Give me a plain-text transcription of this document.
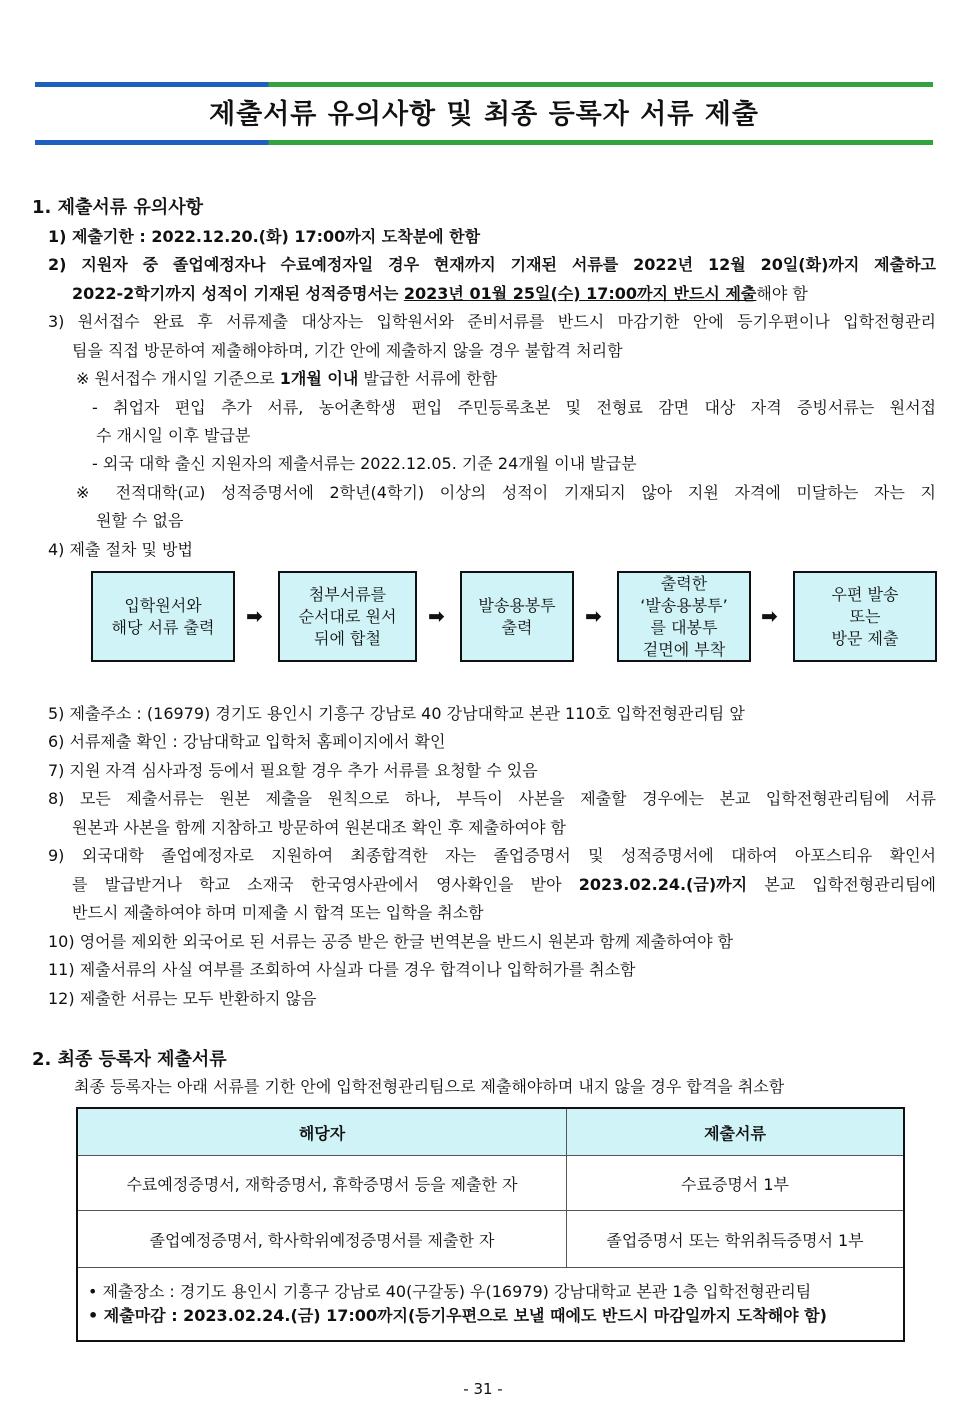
제출서류 유의사항 및 최종 등록자 서류 제출
1. 제출서류 유의사항
1) 제출기한 : 2022.12.20.(화) 17:00까지 도착분에 한함
2) 지원자 중 졸업예정자나 수료예정자일 경우 현재까지 기재된 서류를 2022년 12월 20일(화)까지 제출하고
2022-2학기까지 성적이 기재된 성적증명서는 2023년 01월 25일(수) 17:00까지 반드시 제출해야 함
3) 원서접수 완료 후 서류제출 대상자는 입학원서와 준비서류를 반드시 마감기한 안에 등기우편이나 입학전형관리
팀을 직접 방문하여 제출해야하며, 기간 안에 제출하지 않을 경우 불합격 처리함
※ 원서접수 개시일 기준으로 1개월 이내 발급한 서류에 한함
- 취업자 편입 추가 서류, 농어촌학생 편입 주민등록초본 및 전형료 감면 대상 자격 증빙서류는 원서접
수 개시일 이후 발급분
- 외국 대학 출신 지원자의 제출서류는 2022.12.05. 기준 24개월 이내 발급분
※ 전적대학(교) 성적증명서에 2학년(4학기) 이상의 성적이 기재되지 않아 지원 자격에 미달하는 자는 지
원할 수 없음
4) 제출 절차 및 방법
입학원서와
해당 서류 출력 ➡
첨부서류를
순서대로 원서
뒤에 합철
➡ 발송용봉투
출력	➡
출력한
‘발송용봉투’
를 대봉투
겉면에 부착
➡
우편 발송
또는
방문 제출
5) 제출주소 : (16979) 경기도 용인시 기흥구 강남로 40 강남대학교 본관 110호 입학전형관리팀 앞
6) 서류제출 확인 : 강남대학교 입학처 홈페이지에서 확인
7) 지원 자격 심사과정 등에서 필요할 경우 추가 서류를 요청할 수 있음
8) 모든 제출서류는 원본 제출을 원칙으로 하나, 부득이 사본을 제출할 경우에는 본교 입학전형관리팀에 서류
원본과 사본을 함께 지참하고 방문하여 원본대조 확인 후 제출하여야 함
9) 외국대학 졸업예정자로 지원하여 최종합격한 자는 졸업증명서 및 성적증명서에 대하여 아포스티유 확인서
를 발급받거나 학교 소재국 한국영사관에서 영사확인을 받아 2023.02.24.(금)까지 본교 입학전형관리팀에
반드시 제출하여야 하며 미제출 시 합격 또는 입학을 취소함
10) 영어를 제외한 외국어로 된 서류는 공증 받은 한글 번역본을 반드시 원본과 함께 제출하여야 함
11) 제출서류의 사실 여부를 조회하여 사실과 다를 경우 합격이나 입학허가를 취소함
12) 제출한 서류는 모두 반환하지 않음
2. 최종 등록자 제출서류
최종 등록자는 아래 서류를 기한 안에 입학전형관리팀으로 제출해야하며 내지 않을 경우 합격을 취소함
해당자	제출서류
수료예정증명서, 재학증명서, 휴학증명서 등을 제출한 자	수료증명서 1부
졸업예정증명서, 학사학위예정증명서를 제출한 자	졸업증명서 또는 학위취득증명서 1부

• 제출장소 : 경기도 용인시 기흥구 강남로 40(구갈동) 우(16979) 강남대학교 본관 1층 입학전형관리팀
• 제출마감 : 2023.02.24.(금) 17:00까지(등기우편으로 보낼 때에도 반드시 마감일까지 도착해야 함)	
- 31 -
